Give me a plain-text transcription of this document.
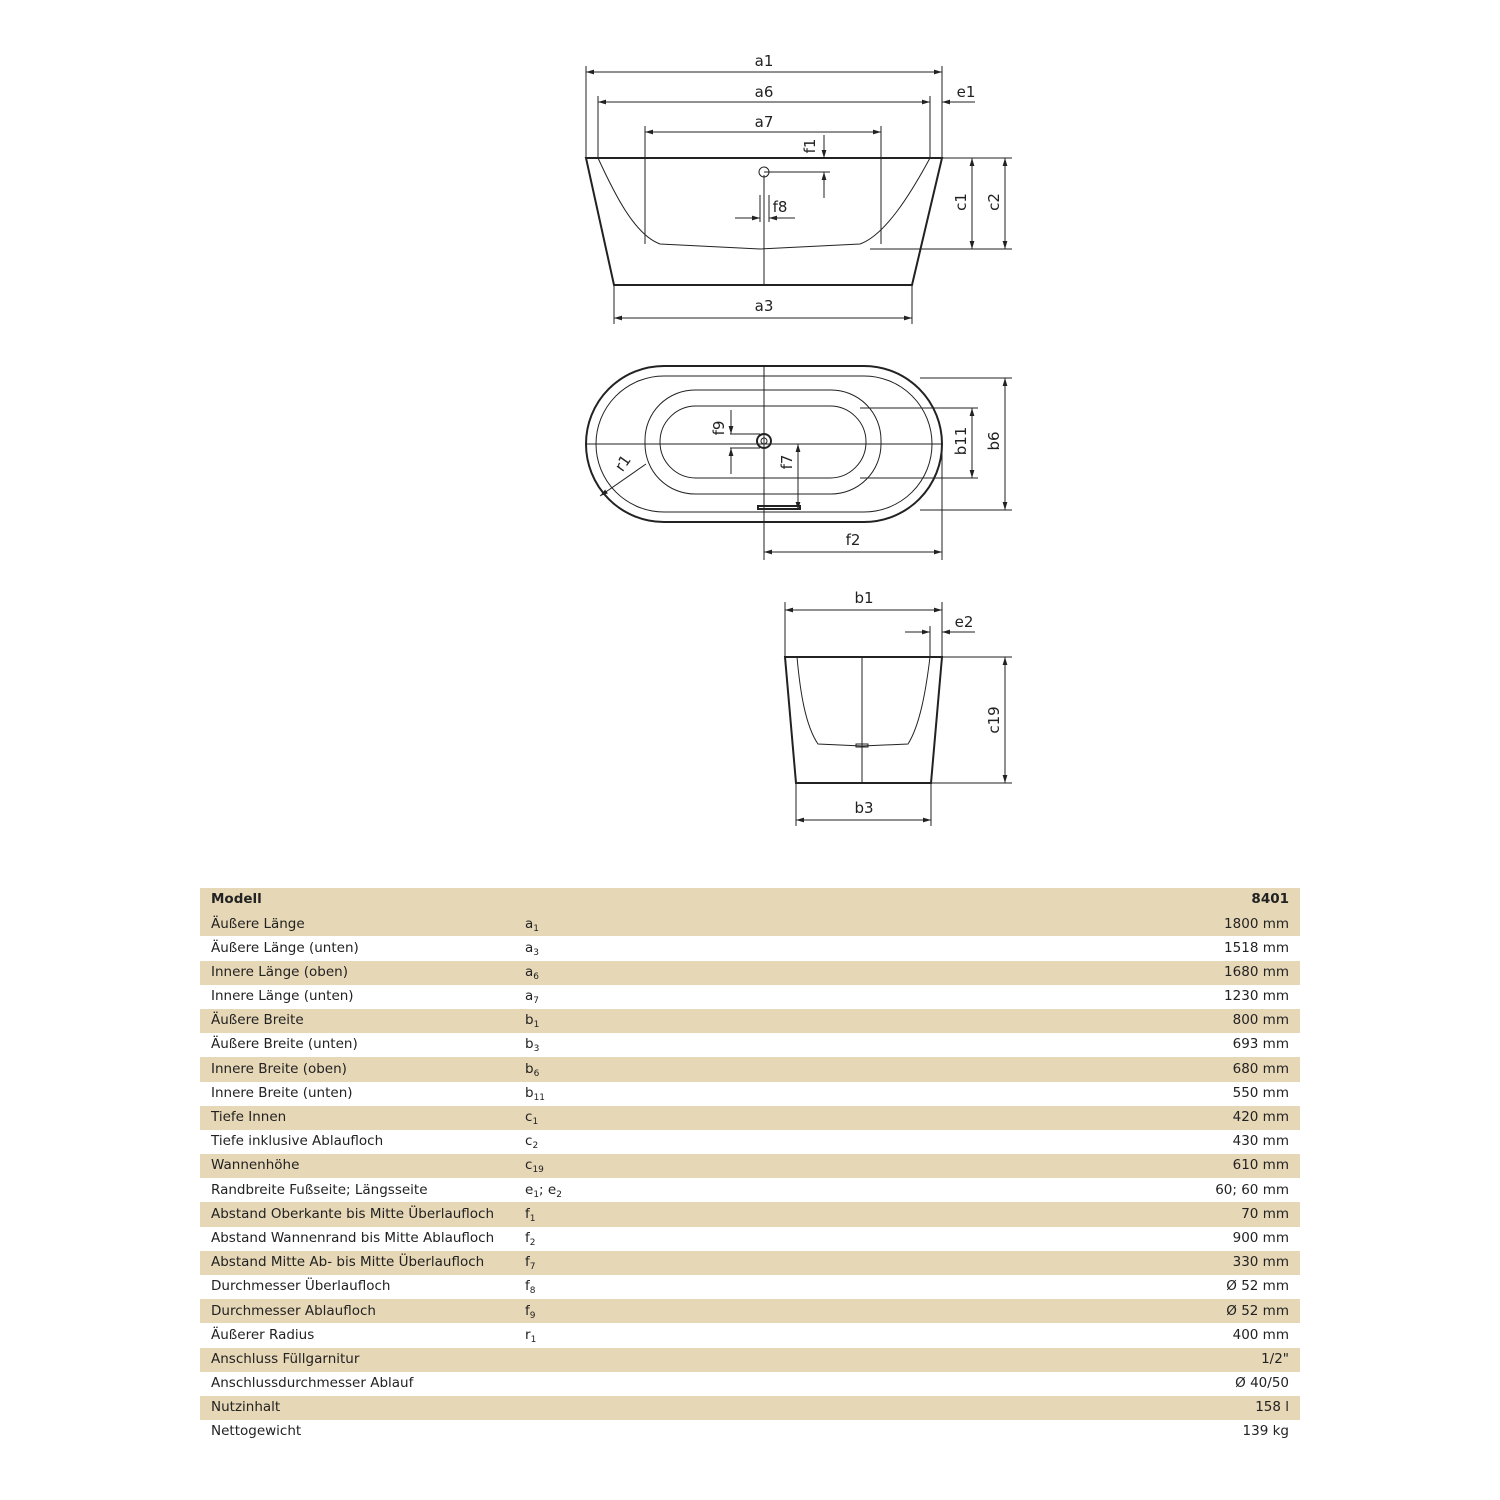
a1
a6	e1
a7
f1
c1 c2
f8
a3
f9	b11 b6
r1	f7
f2
b1
e2
c19
b3
Modell		8401
Äußere Länge	$a_1$	1800 mm
Äußere Länge (unten)	$a_3$	1518 mm
Innere Länge (oben)	$a_6$	1680 mm
Innere Länge (unten)	$a_7$	1230 mm
Äußere Breite	$b_1$	800 mm
Äußere Breite (unten)	$b_3$	693 mm
Innere Breite (oben)	$b_6$	680 mm
Innere Breite (unten)	$b_{11}$	550 mm
Tiefe Innen	$c_1$	420 mm
Tiefe inklusive Ablaufloch	$c_2$	430 mm
Wannenhöhe	$c_{19}$	610 mm
Randbreite Fußseite; Längsseite	$e_1$; $e_2$	60; 60 mm
Abstand Oberkante bis Mitte Überlaufloch	$f_1$	70 mm
Abstand Wannenrand bis Mitte Ablaufloch	$f_2$	900 mm
Abstand Mitte Ab- bis Mitte Überlaufloch	$f_7$	330 mm
Durchmesser Überlaufloch	$f_8$	Ø 52 mm
Durchmesser Ablaufloch	$f_9$	Ø 52 mm
Äußerer Radius	$r_1$	400 mm
Anschluss Füllgarnitur		1/2"
Anschlussdurchmesser Ablauf		Ø 40/50
Nutzinhalt		158 l
Nettogewicht		139 kg
